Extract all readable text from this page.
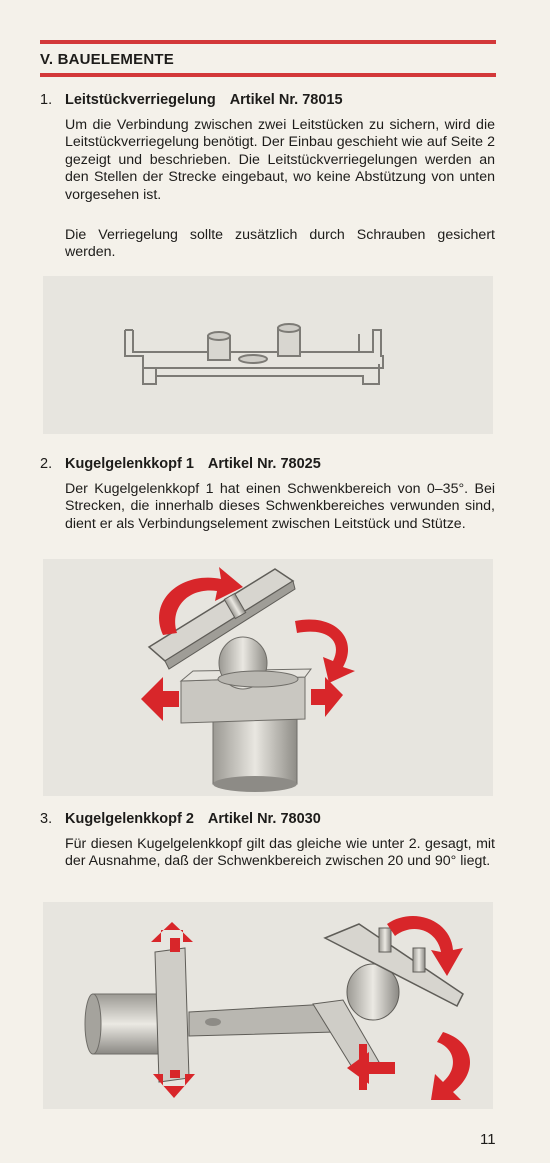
V. BAUELEMENTE
1. Leitstückverriegelung Artikel Nr. 78015

Um die Verbindung zwischen zwei Leitstücken zu sichern, wird die Leitstückverriegelung benötigt. Der Einbau geschieht wie auf Seite 2 gezeigt und beschrieben. Die Leitstückverriegelungen werden an den Stellen der Strecke eingebaut, wo keine Abstützung von unten vorgesehen ist.

Die Verriegelung sollte zusätzlich durch Schrauben gesichert werden.

2. Kugelgelenkkopf 1 Artikel Nr. 78025

Der Kugelgelenkkopf 1 hat einen Schwenkbereich von 0–35°. Bei Strecken, die innerhalb dieses Schwenkbereiches verwunden sind, dient er als Verbindungselement zwischen Leitstück und Stütze.

3. Kugelgelenkkopf 2 Artikel Nr. 78030

Für diesen Kugelgelenkkopf gilt das gleiche wie unter 2. gesagt, mit der Ausnahme, daß der Schwenkbereich zwischen 20 und 90° liegt.

11
